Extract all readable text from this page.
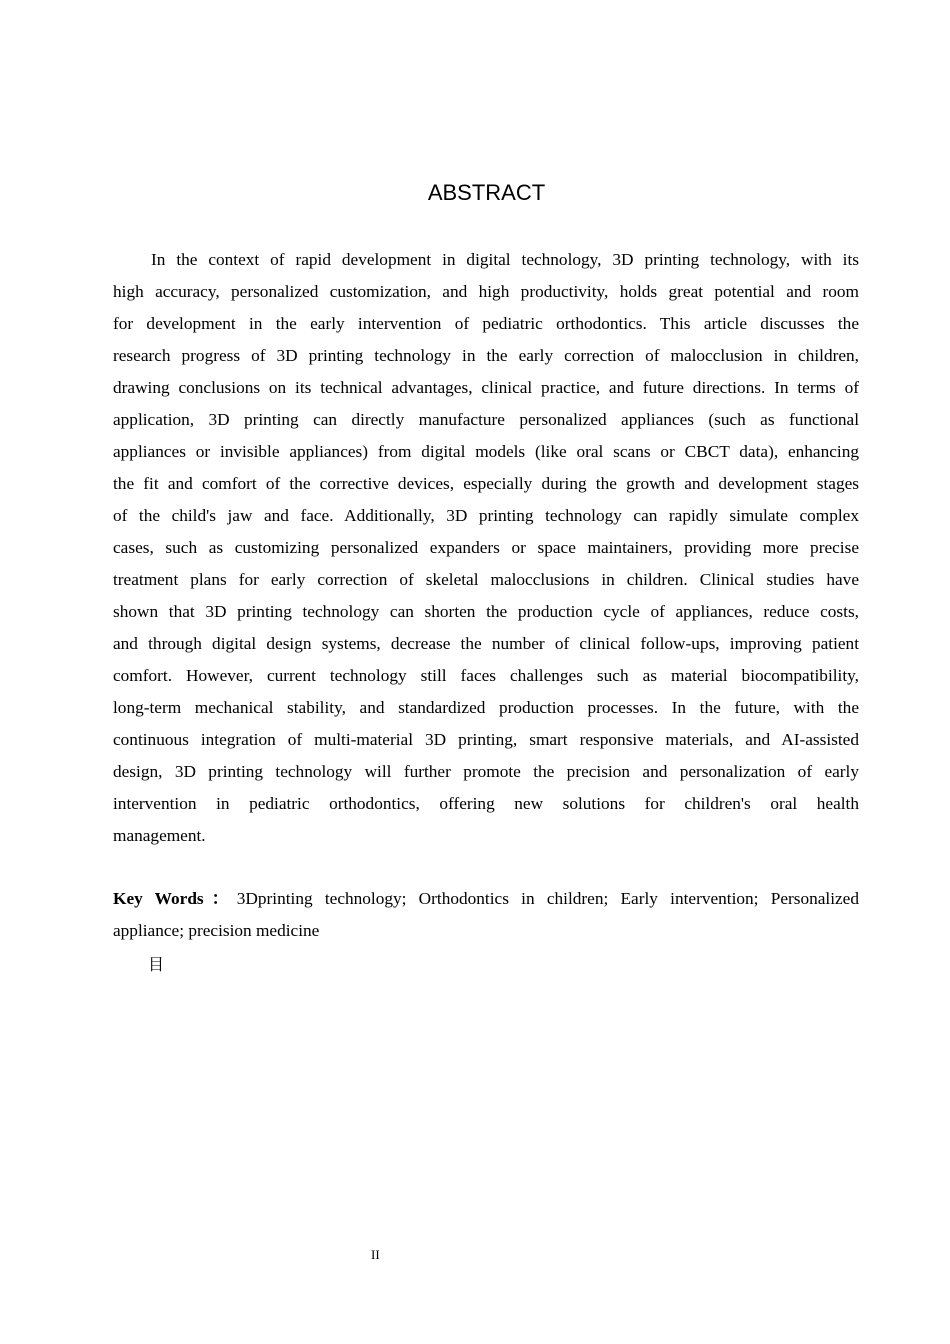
ABSTRACT
In the context of rapid development in digital technology, 3D printing technology, with its
high accuracy, personalized customization, and high productivity, holds great potential and room
for development in the early intervention of pediatric orthodontics. This article discusses the
research progress of 3D printing technology in the early correction of malocclusion in children,
drawing conclusions on its technical advantages, clinical practice, and future directions. In terms of
application, 3D printing can directly manufacture personalized appliances (such as functional
appliances or invisible appliances) from digital models (like oral scans or CBCT data), enhancing
the fit and comfort of the corrective devices, especially during the growth and development stages
of the child's jaw and face. Additionally, 3D printing technology can rapidly simulate complex
cases, such as customizing personalized expanders or space maintainers, providing more precise
treatment plans for early correction of skeletal malocclusions in children. Clinical studies have
shown that 3D printing technology can shorten the production cycle of appliances, reduce costs,
and through digital design systems, decrease the number of clinical follow-ups, improving patient
comfort. However, current technology still faces challenges such as material biocompatibility,
long-term mechanical stability, and standardized production processes. In the future, with the
continuous integration of multi-material 3D printing, smart responsive materials, and AI-assisted
design, 3D printing technology will further promote the precision and personalization of early
intervention in pediatric orthodontics, offering new solutions for children's oral health
management.
Key Words：3Dprinting technology; Orthodontics in children; Early intervention; Personalized
appliance; precision medicine
目
II
